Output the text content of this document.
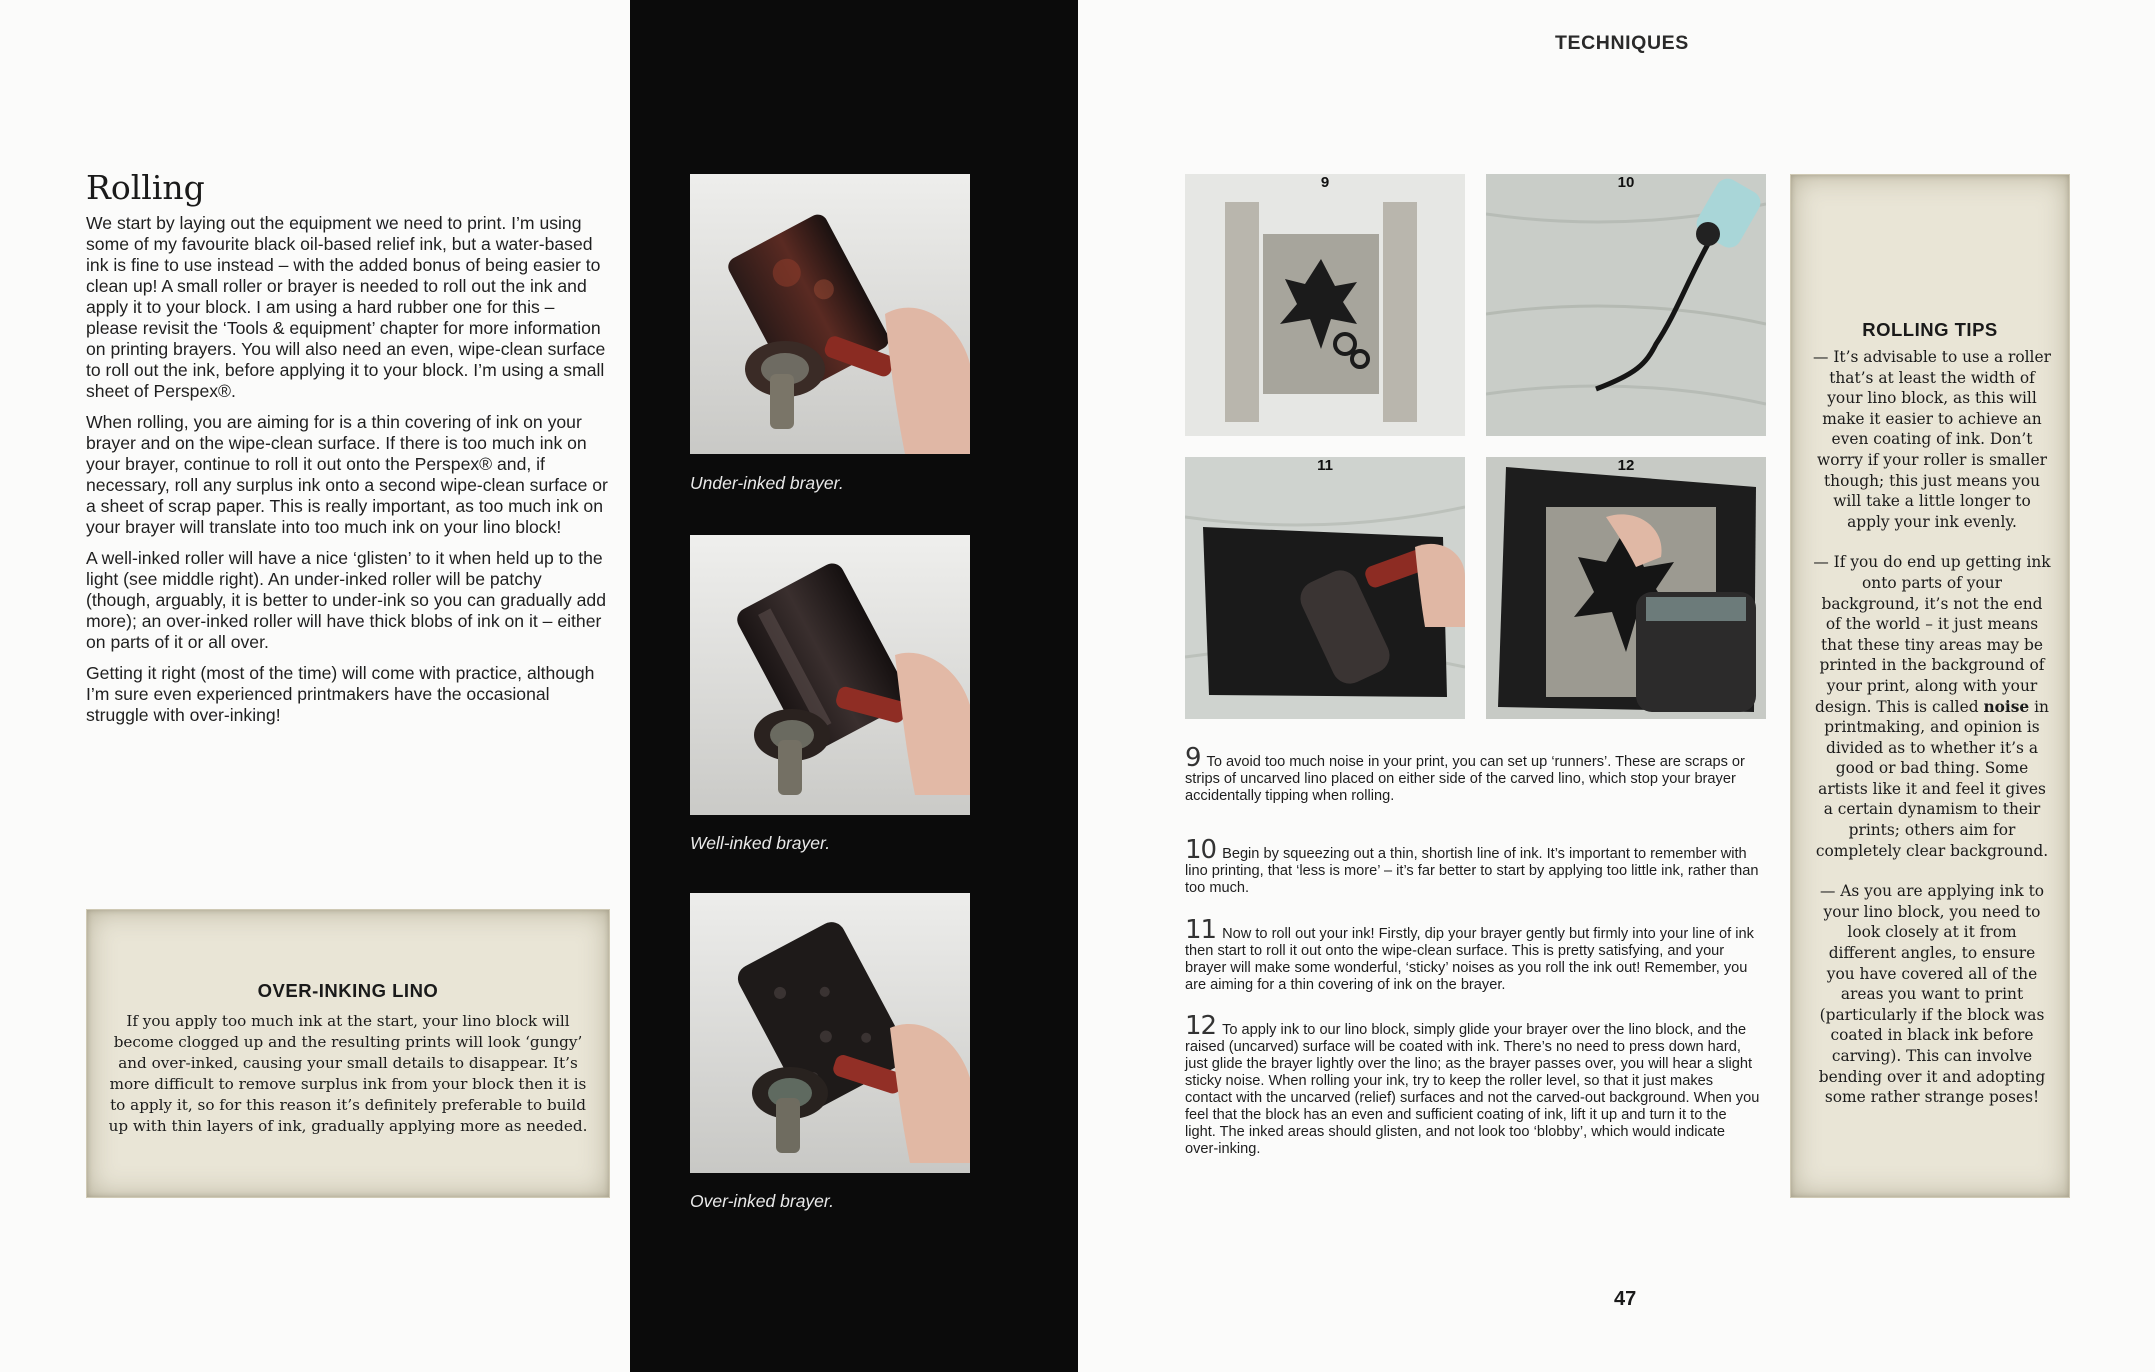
Rolling

We start by laying out the equipment we need to print. I’m using some of my favourite black oil-based relief ink, but a water-based ink is fine to use instead – with the added bonus of being easier to clean up! A small roller or brayer is needed to roll out the ink and apply it to your block. I am using a hard rubber one for this – please revisit the ‘Tools & equipment’ chapter for more information on printing brayers. You will also need an even, wipe-clean surface to roll out the ink, before applying it to your block. I’m using a small sheet of Perspex®.

When rolling, you are aiming for is a thin covering of ink on your brayer and on the wipe-clean surface. If there is too much ink on your brayer, continue to roll it out onto the Perspex® and, if necessary, roll any surplus ink onto a second wipe-clean surface or a sheet of scrap paper. This is really important, as too much ink on your brayer will translate into too much ink on your lino block!

A well-inked roller will have a nice ‘glisten’ to it when held up to the light (see middle right). An under-inked roller will be patchy (though, arguably, it is better to under-ink so you can gradually add more); an over-inked roller will have thick blobs of ink on it – either on parts of it or all over.

Getting it right (most of the time) will come with practice, although I’m sure even experienced printmakers have the occasional struggle with over-inking!

OVER-INKING LINO
If you apply too much ink at the start, your lino block will become clogged up and the resulting prints will look ‘gungy’ and over-inked, causing your small details to disappear. It’s more difficult to remove surplus ink from your block then it is to apply it, so for this reason it’s definitely preferable to build up with thin layers of ink, gradually applying more as needed.
Under-inked brayer.
Well-inked brayer.
Over-inked brayer.
TECHNIQUES
9	10
11	12

9 To avoid too much noise in your print, you can set up ‘runners’. These are scraps or strips of uncarved lino placed on either side of the carved lino, which stop your brayer accidentally tipping when rolling.

10 Begin by squeezing out a thin, shortish line of ink. It’s important to remember with lino printing, that ‘less is more’ – it’s far better to start by applying too little ink, rather than too much.

11 Now to roll out your ink! Firstly, dip your brayer gently but firmly into your line of ink then start to roll it out onto the wipe-clean surface. This is pretty satisfying, and your brayer will make some wonderful, ‘sticky’ noises as you roll the ink out! Remember, you are aiming for a thin covering of ink on the brayer.

12 To apply ink to our lino block, simply glide your brayer over the lino block, and the raised (uncarved) surface will be coated with ink. There’s no need to press down hard, just glide the brayer lightly over the lino; as the brayer passes over, you will hear a slight sticky noise. When rolling your ink, try to keep the roller level, so that it just makes contact with the uncarved (relief) surfaces and not the carved-out background. When you feel that the block has an even and sufficient coating of ink, lift it up and turn it to the light. The inked areas should glisten, and not look too ‘blobby’, which would indicate over-inking.

ROLLING TIPS

— It’s advisable to use a roller that’s at least the width of your lino block, as this will make it easier to achieve an even coating of ink. Don’t worry if your roller is smaller though; this just means you will take a little longer to apply your ink evenly.

— If you do end up getting ink onto parts of your background, it’s not the end of the world – it just means that these tiny areas may be printed in the background of your print, along with your design. This is called noise in printmaking, and opinion is divided as to whether it’s a good or bad thing. Some artists like it and feel it gives a certain dynamism to their prints; others aim for completely clear background.

— As you are applying ink to your lino block, you need to look closely at it from different angles, to ensure you have covered all of the areas you want to print (particularly if the block was coated in black ink before carving). This can involve bending over it and adopting some rather strange poses!

47
